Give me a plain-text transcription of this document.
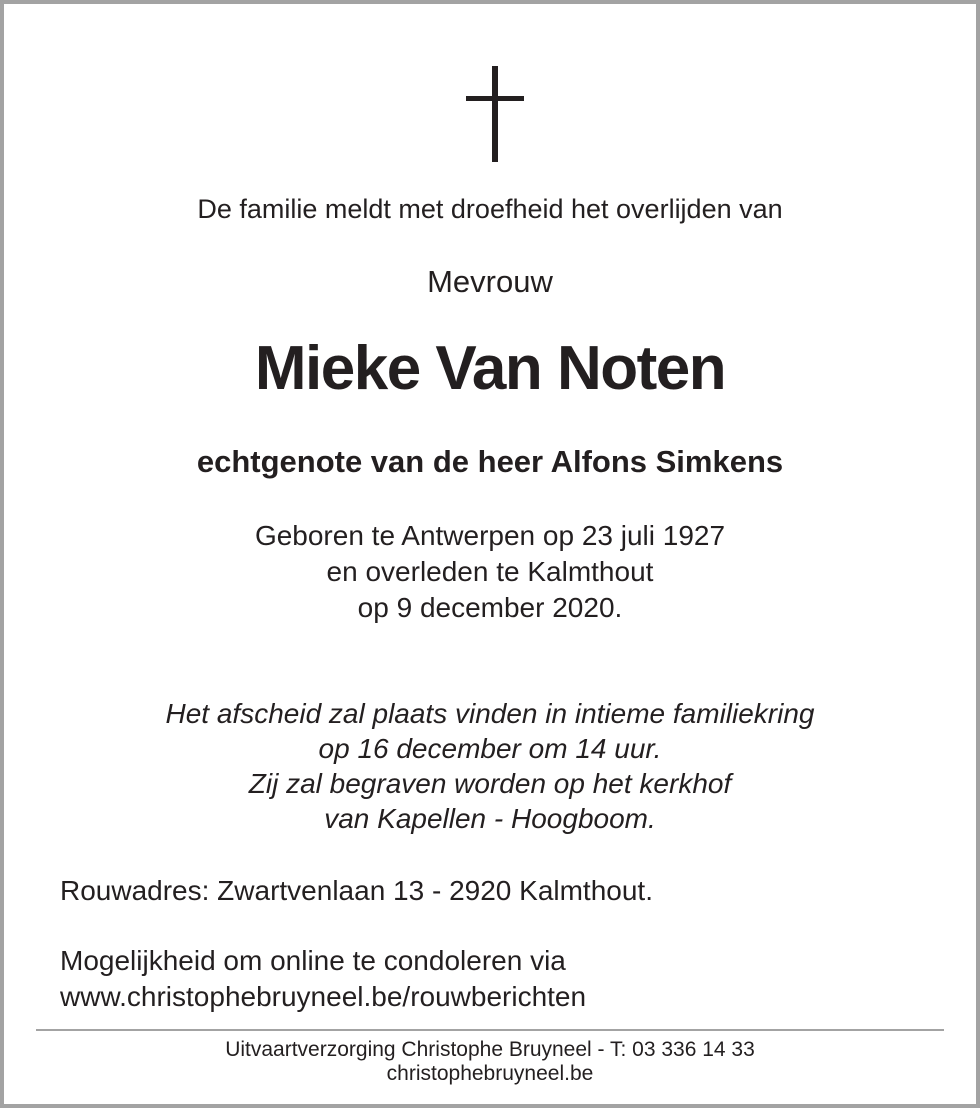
De familie meldt met droefheid het overlijden van

Mevrouw

Mieke Van Noten

echtgenote van de heer Alfons Simkens

Geboren te Antwerpen op 23 juli 1927
en overleden te Kalmthout
op 9 december 2020.
Het afscheid zal plaats vinden in intieme familiekring
op 16 december om 14 uur.
Zij zal begraven worden op het kerkhof
van Kapellen - Hoogboom.

Rouwadres: Zwartvenlaan 13 - 2920 Kalmthout.

Mogelijkheid om online te condoleren via
www.christophebruyneel.be/rouwberichten
Uitvaartverzorging Christophe Bruyneel - T: 03 336 14 33
christophebruyneel.be
